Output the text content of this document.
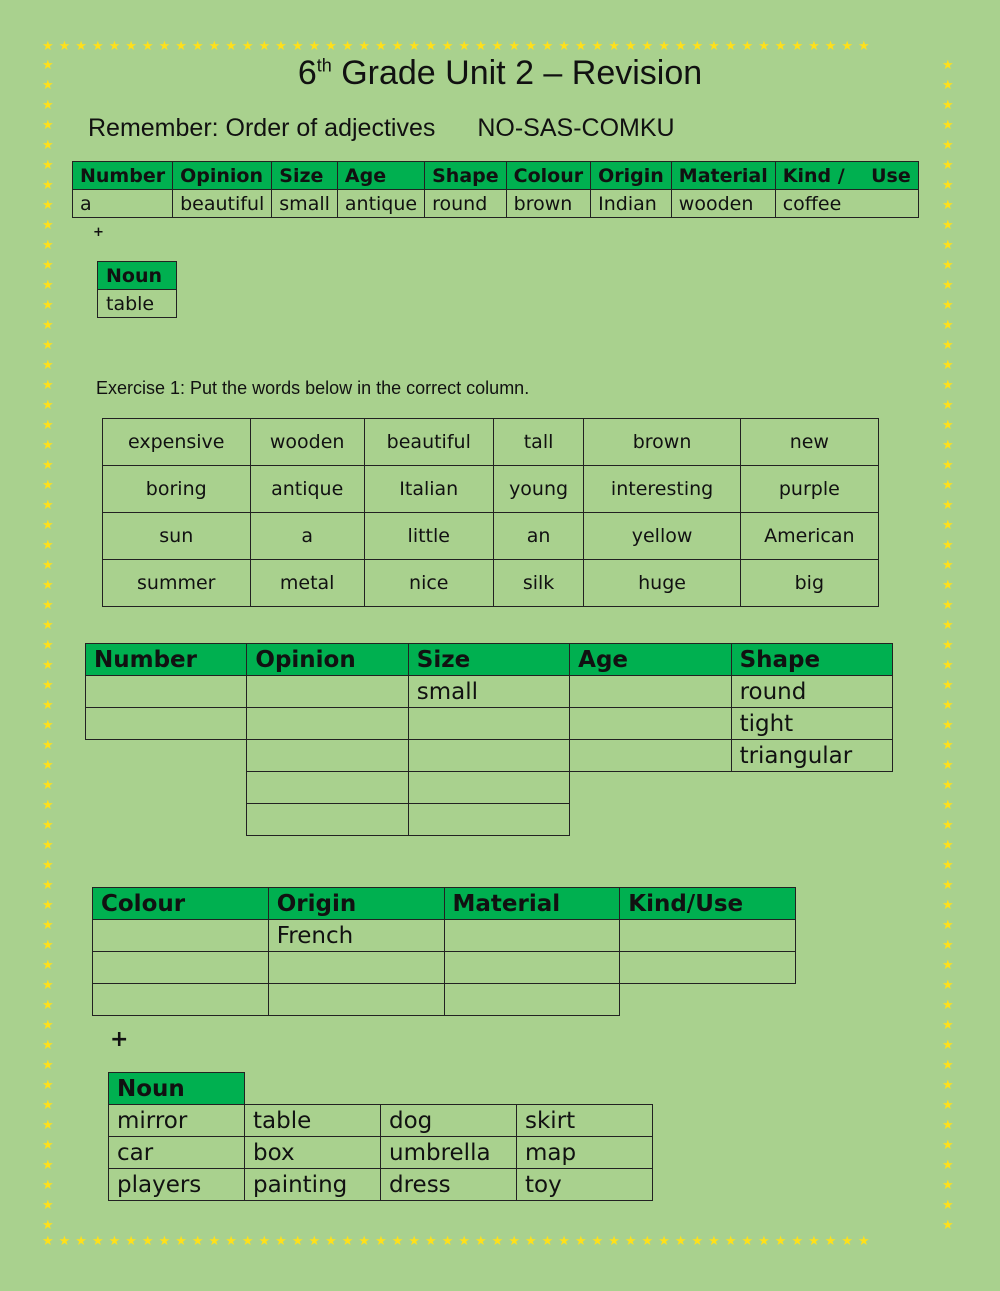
★★★★★★★★★★★★★★★★★★★★★★★★★★★★★★★★★★★★★★★★★★★★★★★★★★
★★★★★★★★★★★★★★★★★★★★★★★★★★★★★★★★★★★★★★★★★★★★★★★★★★
★★★★★★★★★★★★★★★★★★★★★★★★★★★★★★★★★★★★★★★★★★★★★★★★★★★★★★★★★★★
★★★★★★★★★★★★★★★★★★★★★★★★★★★★★★★★★★★★★★★★★★★★★★★★★★★★★★★★★★★
6th Grade Unit 2 – Revision
Remember: Order of adjectives NO-SAS-COMKU
Number	Opinion	Size	Age	Shape	Colour	Origin	Material	Kind /    Use
a	beautiful	small	antique	round	brown	Indian	wooden	coffee
+
Noun
table
Exercise 1: Put the words below in the correct column.
expensive	wooden	beautiful	tall	brown	new
boring	antique	Italian	young	interesting	purple
sun	a	little	an	yellow	American
summer	metal	nice	silk	huge	big
Number	Opinion	Size	Age	Shape
		small		round
				tight
				triangular

Colour	Origin	Material	Kind/Use
	French		

+
Noun			
mirror	table	dog	skirt
car	box	umbrella	map
players	painting	dress	toy
